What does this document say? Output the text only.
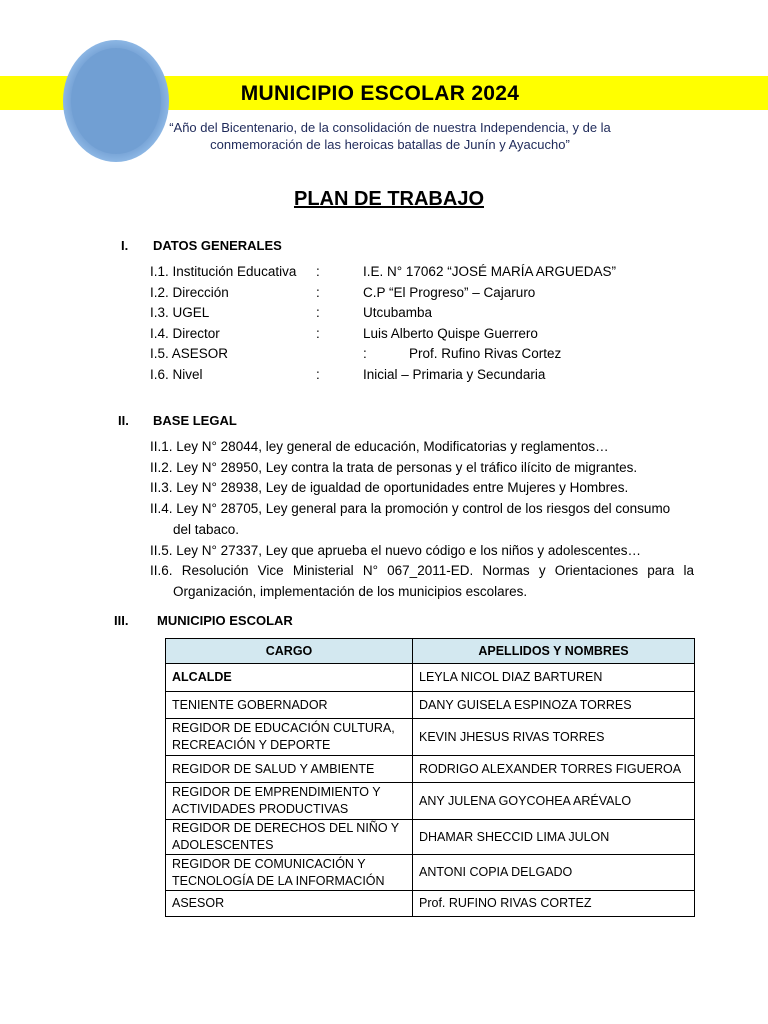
MUNICIPIO ESCOLAR 2024
“Año del Bicentenario, de la consolidación de nuestra Independencia, y de la
conmemoración de las heroicas batallas de Junín y Ayacucho”
PLAN DE TRABAJO
I. DATOS GENERALES
I.1. Institución Educativa :	I.E. N° 17062 “JOSÉ MARÍA ARGUEDAS”
I.2. Dirección	:	C.P “El Progreso” – Cajaruro
I.3. UGEL	:	Utcubamba
I.4. Director	:	Luis Alberto Quispe Guerrero
I.5. ASESOR	:	Prof. Rufino Rivas Cortez
I.6. Nivel	:	Inicial – Primaria y Secundaria
II. BASE LEGAL
II.1. Ley N° 28044, ley general de educación, Modificatorias y reglamentos…
II.2. Ley N° 28950, Ley contra la trata de personas y el tráfico ilícito de migrantes.
II.3. Ley N° 28938, Ley de igualdad de oportunidades entre Mujeres y Hombres.
II.4. Ley N° 28705, Ley general para la promoción y control de los riesgos del consumo
del tabaco.
II.5. Ley N° 27337, Ley que aprueba el nuevo código e los niños y adolescentes…
II.6. Resolución Vice Ministerial N° 067_2011-ED. Normas y Orientaciones para la
Organización, implementación de los municipios escolares.
III. MUNICIPIO ESCOLAR
CARGO	APELLIDOS Y NOMBRES
ALCALDE	LEYLA NICOL DIAZ BARTUREN
TENIENTE GOBERNADOR	DANY GUISELA ESPINOZA TORRES
REGIDOR DE EDUCACIÓN CULTURA, RECREACIÓN Y DEPORTE	KEVIN JHESUS RIVAS TORRES
REGIDOR DE SALUD Y AMBIENTE	RODRIGO ALEXANDER TORRES FIGUEROA
REGIDOR DE EMPRENDIMIENTO Y ACTIVIDADES PRODUCTIVAS	ANY JULENA GOYCOHEA ARÉVALO
REGIDOR DE DERECHOS DEL NIÑO Y ADOLESCENTES	DHAMAR SHECCID LIMA JULON
REGIDOR DE COMUNICACIÓN Y TECNOLOGÍA DE LA INFORMACIÓN	ANTONI COPIA DELGADO
ASESOR	Prof. RUFINO RIVAS CORTEZ
